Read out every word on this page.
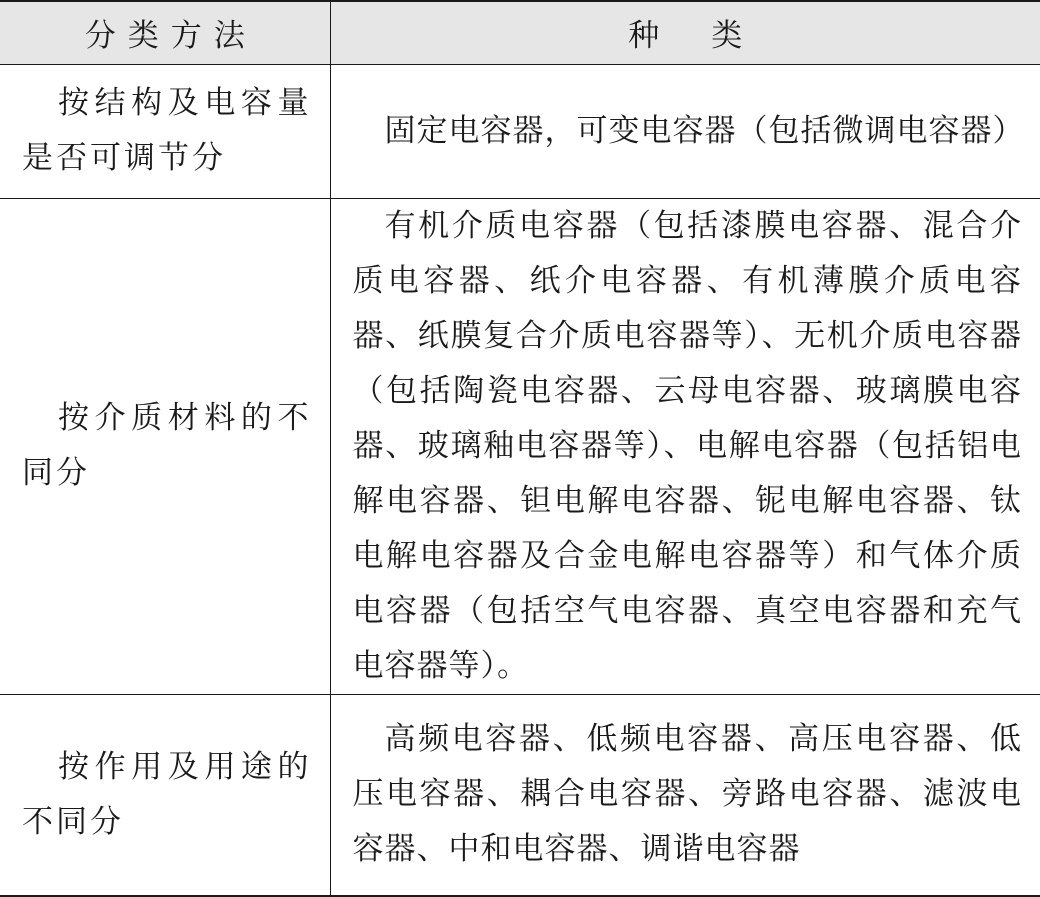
分类方法	种类

按结构及电容量是否可调节分	固定电容器，可变电容器（包括微调电容器）

按介质材料的不同分	有机介质电容器（包括漆膜电容器、混合介质电容器、纸介电容器、有机薄膜介质电容器、纸膜复合介质电容器等）、无机介质电容器（包括陶瓷电容器、云母电容器、玻璃膜电容器、玻璃釉电容器等）、电解电容器（包括铝电解电容器、钽电解电容器、铌电解电容器、钛电解电容器及合金电解电容器等）和气体介质电容器（包括空气电容器、真空电容器和充气电容器等）。

按作用及用途的不同分	高频电容器、低频电容器、高压电容器、低压电容器、耦合电容器、旁路电容器、滤波电容器、中和电容器、调谐电容器
